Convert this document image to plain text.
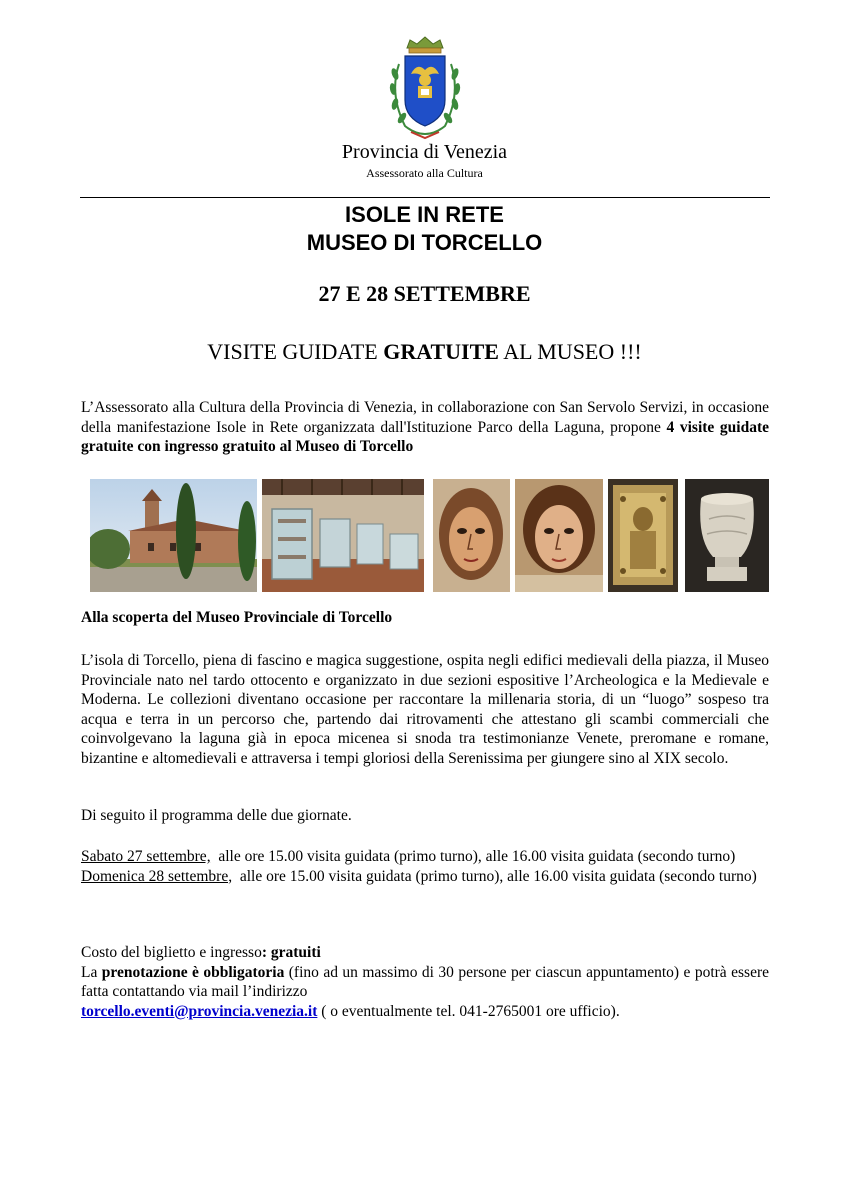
Provincia di Venezia
Assessorato alla Cultura
ISOLE IN RETE
MUSEO DI TORCELLO
27 E 28 SETTEMBRE
VISITE GUIDATE GRATUITE AL MUSEO !!!
L’Assessorato alla Cultura della Provincia di Venezia, in collaborazione con San Servolo Servizi, in occasione della manifestazione Isole in Rete organizzata dall'Istituzione Parco della Laguna, propone 4 visite guidate gratuite con ingresso gratuito al Museo di Torcello
Alla scoperta del Museo Provinciale di Torcello
L’isola di Torcello, piena di fascino e magica suggestione, ospita negli edifici medievali della piazza, il Museo Provinciale nato nel tardo ottocento e organizzato in due sezioni espositive l’Archeologica e la Medievale e Moderna. Le collezioni diventano occasione per raccontare la millenaria storia, di un “luogo” sospeso tra acqua e terra in un percorso che, partendo dai ritrovamenti che attestano gli scambi commerciali che coinvolgevano la laguna già in epoca micenea si snoda tra testimonianze Venete, preromane e romane, bizantine e altomedievali e attraversa i tempi gloriosi della Serenissima per giungere sino al XIX secolo.
Di seguito il programma delle due giornate.
Sabato 27 settembre,  alle ore 15.00 visita guidata (primo turno), alle 16.00 visita guidata (secondo turno)
Domenica 28 settembre,  alle ore 15.00 visita guidata (primo turno), alle 16.00 visita guidata (secondo turno)
Costo del biglietto e ingresso: gratuiti
La prenotazione è obbligatoria (fino ad un massimo di 30 persone per ciascun appuntamento) e potrà essere fatta contattando via mail l’indirizzo
torcello.eventi@provincia.venezia.it ( o eventualmente tel. 041-2765001 ore ufficio).
